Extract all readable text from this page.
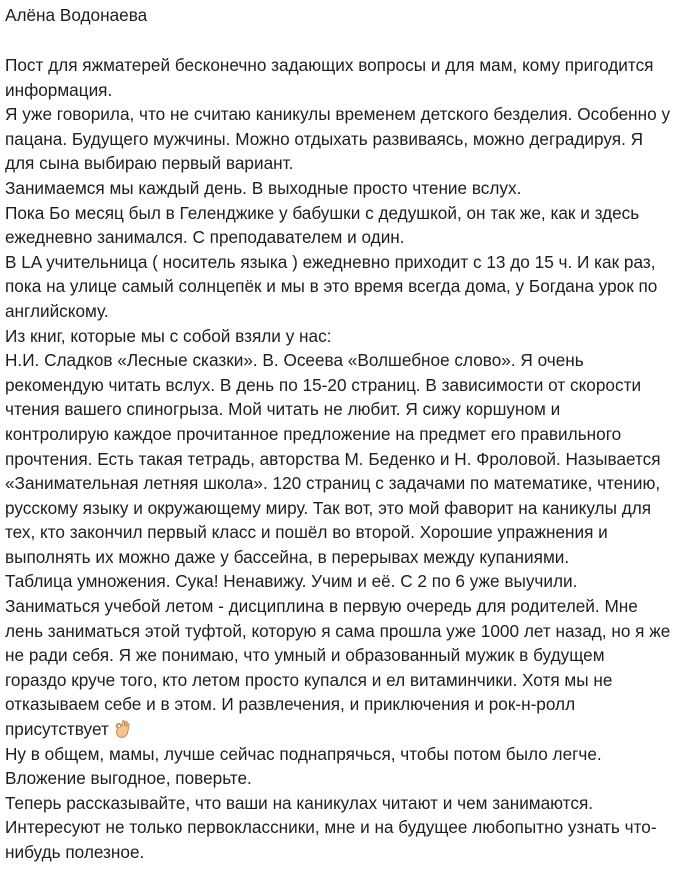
Алёна Водонаева

Пост для яжматерей бесконечно задающих вопросы и для мам, кому пригодится
информация.

Я уже говорила, что не считаю каникулы временем детского безделия. Особенно у
пацана. Будущего мужчины. Можно отдыхать развиваясь, можно деградируя. Я
для сына выбираю первый вариант.

Занимаемся мы каждый день. В выходные просто чтение вслух.

Пока Бо месяц был в Геленджике у бабушки с дедушкой, он так же, как и здесь
ежедневно занимался. С преподавателем и один.

В LA учительница ( носитель языка ) ежедневно приходит с 13 до 15 ч. И как раз,
пока на улице самый солнцепёк и мы в это время всегда дома, у Богдана урок по
английскому.

Из книг, которые мы с собой взяли у нас:

Н.И. Сладков «Лесные сказки». В. Осеева «Волшебное слово». Я очень
рекомендую читать вслух. В день по 15-20 страниц. В зависимости от скорости
чтения вашего спиногрыза. Мой читать не любит. Я сижу коршуном и
контролирую каждое прочитанное предложение на предмет его правильного
прочтения. Есть такая тетрадь, авторства М. Беденко и Н. Фроловой. Называется
«Занимательная летняя школа». 120 страниц с задачами по математике, чтению,
русскому языку и окружающему миру. Так вот, это мой фаворит на каникулы для
тех, кто закончил первый класс и пошёл во второй. Хорошие упражнения и
выполнять их можно даже у бассейна, в перерывах между купаниями.

Таблица умножения. Сука! Ненавижу. Учим и её. С 2 по 6 уже выучили.

Заниматься учебой летом - дисциплина в первую очередь для родителей. Мне
лень заниматься этой туфтой, которую я сама прошла уже 1000 лет назад, но я же
не ради себя. Я же понимаю, что умный и образованный мужик в будущем
гораздо круче того, кто летом просто купался и ел витаминчики. Хотя мы не
отказываем себе и в этом. И развлечения, и приключения и рок-н-ролл
присутствует

Ну в общем, мамы, лучше сейчас поднапрячься, чтобы потом было легче.

Вложение выгодное, поверьте.

Теперь рассказывайте, что ваши на каникулах читают и чем занимаются.

Интересуют не только первоклассники, мне и на будущее любопытно узнать что-
нибудь полезное.
